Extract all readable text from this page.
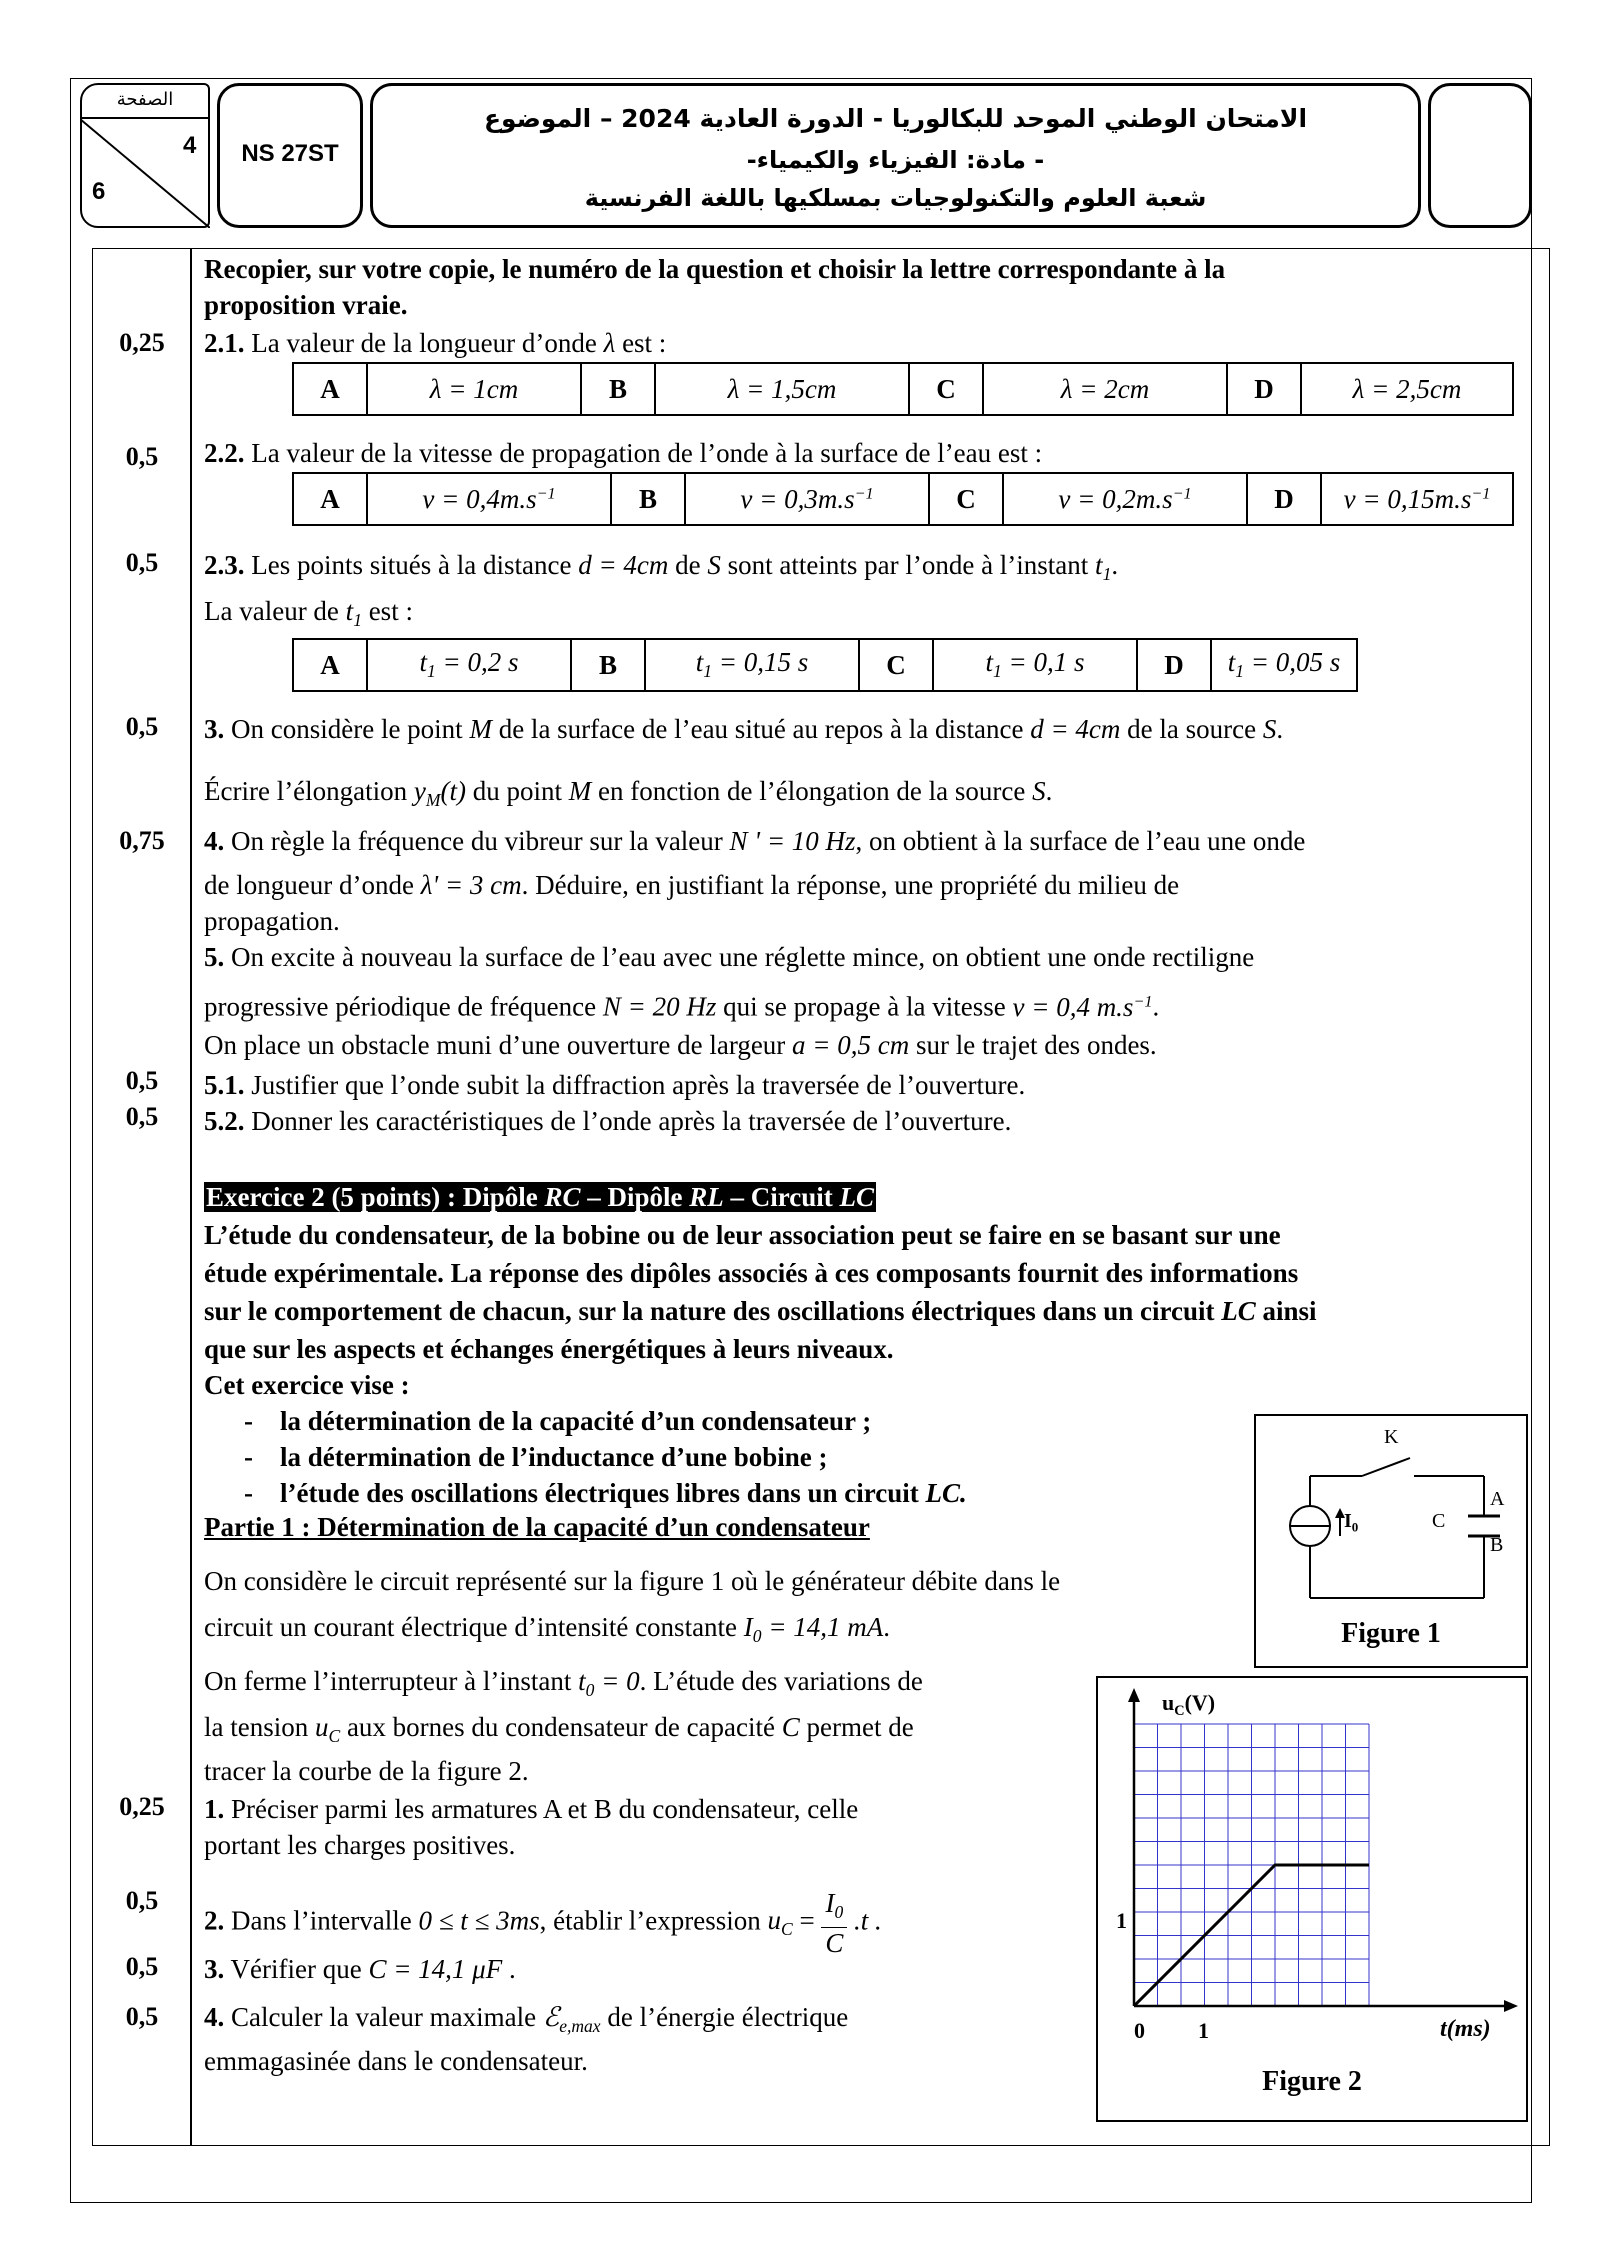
الصفحة
4
6
NS 27ST
الامتحان الوطني الموحد للبكالوريا - الدورة العادية 2024 – الموضوع
- مادة: الفيزياء والكيمياء-
شعبة العلوم والتكنولوجيات بمسلكيها باللغة الفرنسية
0,25
0,5
0,5
0,5
0,75
0,5
0,5
0,25
0,5
0,5
0,5
Recopier, sur votre copie, le numéro de la question et choisir la lettre correspondante à la
proposition vraie.
2.1. La valeur de la longueur d’onde λ est :
A	λ = 1cm	B	λ = 1,5cm	C	λ = 2cm	D	λ = 2,5cm
2.2. La valeur de la vitesse de propagation de l’onde à la surface de l’eau est :
A	$v = 0,4m.s^{-1}$	B	$v = 0,3m.s^{-1}$	C	$v = 0,2m.s^{-1}$	D	$v = 0,15m.s^{-1}$
2.3. Les points situés à la distance d = 4cm de S sont atteints par l’onde à l’instant $t_1$.
La valeur de $t_1$ est :
A	$t_1 = 0,2$ s	B	$t_1 = 0,15$ s	C	$t_1 = 0,1$ s	D	$t_1 = 0,05$ s
3. On considère le point M de la surface de l’eau situé au repos à la distance d = 4cm de la source S.
Écrire l’élongation $y_M(t)$ du point M en fonction de l’élongation de la source S.
4. On règle la fréquence du vibreur sur la valeur N ' = 10 Hz, on obtient à la surface de l’eau une onde
de longueur d’onde λ' = 3 cm. Déduire, en justifiant la réponse, une propriété du milieu de
propagation.
5. On excite à nouveau la surface de l’eau avec une réglette mince, on obtient une onde rectiligne
progressive périodique de fréquence N = 20 Hz qui se propage à la vitesse v = 0,4 $m.s^{-1}$.
On place un obstacle muni d’une ouverture de largeur a = 0,5 cm sur le trajet des ondes.
5.1. Justifier que l’onde subit la diffraction après la traversée de l’ouverture.
5.2. Donner les caractéristiques de l’onde après la traversée de l’ouverture.
Exercice 2 (5 points) : Dipôle RC – Dipôle RL – Circuit LC
L’étude du condensateur, de la bobine ou de leur association peut se faire en se basant sur une
étude expérimentale. La réponse des dipôles associés à ces composants fournit des informations
sur le comportement de chacun, sur la nature des oscillations électriques dans un circuit LC ainsi
que sur les aspects et échanges énergétiques à leurs niveaux.
Cet exercice vise :
-    la détermination de la capacité d’un condensateur ;
-    la détermination de l’inductance d’une bobine ;
-    l’étude des oscillations électriques libres dans un circuit LC.
Partie 1 : Détermination de la capacité d’un condensateur
On considère le circuit représenté sur la figure 1 où le générateur débite dans le
circuit un courant électrique d’intensité constante $I_0 = 14,1$ mA.
On ferme l’interrupteur à l’instant $t_0 = 0$. L’étude des variations de
la tension $u_C$ aux bornes du condensateur de capacité C permet de
tracer la courbe de la figure 2.
1. Préciser parmi les armatures A et B du condensateur, celle
portant les charges positives.
2. Dans l’intervalle 0 ≤ t ≤ 3ms, établir l’expression $u_C = \frac{I_0}{C} .t$ .
3. Vérifier que C = 14,1 μF .
4. Calculer la valeur maximale ℰ$_{e,max}$ de l’énergie électrique
emmagasinée dans le condensateur.
K
$I_0$	C
A
B
Figure 1
$u_C(V)$
t(ms)
0 1
1
Figure 2
